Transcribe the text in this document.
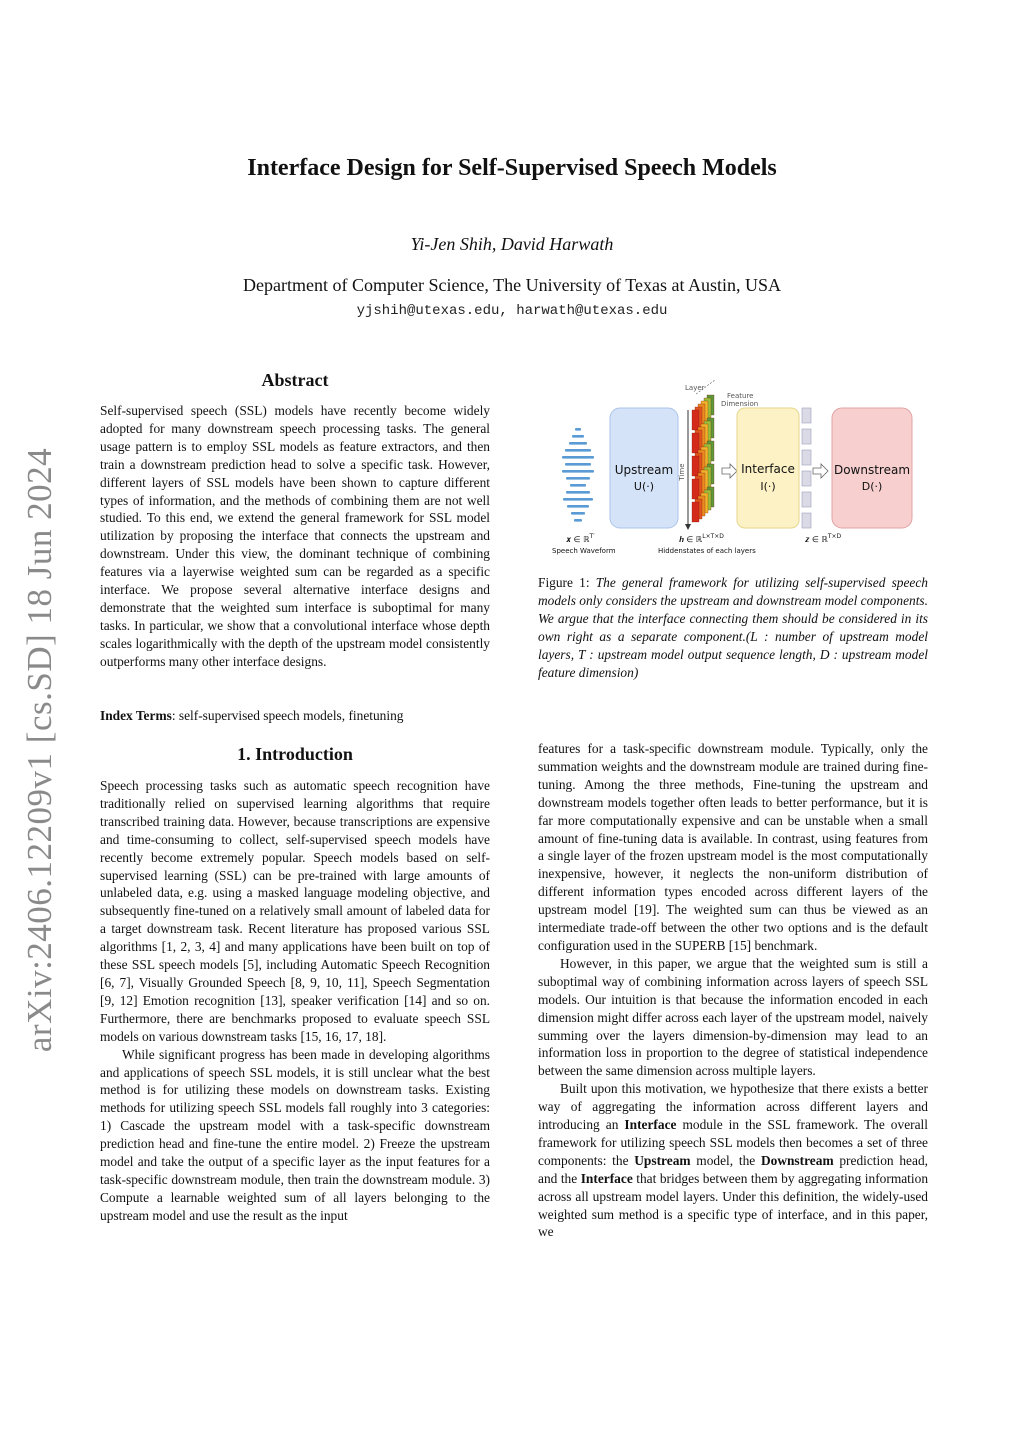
arXiv:2406.12209v1 [cs.SD] 18 Jun 2024
Interface Design for Self-Supervised Speech Models
Yi-Jen Shih, David Harwath
Department of Computer Science, The University of Texas at Austin, USA
yjshih@utexas.edu, harwath@utexas.edu
Abstract

Self-supervised speech (SSL) models have recently become widely adopted for many downstream speech processing tasks. The general usage pattern is to employ SSL models as feature extractors, and then train a downstream prediction head to solve a specific task. However, different layers of SSL models have been shown to capture different types of information, and the methods of combining them are not well studied. To this end, we extend the general framework for SSL model utilization by proposing the interface that connects the upstream and downstream. Under this view, the dominant technique of combining features via a layerwise weighted sum can be regarded as a specific interface. We propose several alternative interface designs and demonstrate that the weighted sum interface is suboptimal for many tasks. In particular, we show that a convolutional interface whose depth scales logarithmically with the depth of the upstream model consistently outperforms many other interface designs.

Index Terms: self-supervised speech models, finetuning
1. Introduction

Speech processing tasks such as automatic speech recognition have traditionally relied on supervised learning algorithms that require transcribed training data. However, because transcriptions are expensive and time-consuming to collect, self-supervised speech models have recently become extremely popular. Speech models based on self-supervised learning (SSL) can be pre-trained with large amounts of unlabeled data, e.g. using a masked language modeling objective, and subsequently fine-tuned on a relatively small amount of labeled data for a target downstream task. Recent literature has proposed various SSL algorithms [1, 2, 3, 4] and many applications have been built on top of these SSL speech models [5], including Automatic Speech Recognition [6, 7], Visually Grounded Speech [8, 9, 10, 11], Speech Segmentation [9, 12] Emotion recognition [13], speaker verification [14] and so on. Furthermore, there are benchmarks proposed to evaluate speech SSL models on various downstream tasks [15, 16, 17, 18].

While significant progress has been made in developing algorithms and applications of speech SSL models, it is still unclear what the best method is for utilizing these models on downstream tasks. Existing methods for utilizing speech SSL models fall roughly into 3 categories: 1) Cascade the upstream model with a task-specific downstream prediction head and fine-tune the entire model. 2) Freeze the upstream model and take the output of a specific layer as the input features for a task-specific downstream module, then train the downstream module. 3) Compute a learnable weighted sum of all layers belonging to the upstream model and use the result as the input

features for a task-specific downstream module. Typically, only the summation weights and the downstream module are trained during fine-tuning. Among the three methods, Fine-tuning the upstream and downstream models together often leads to better performance, but it is far more computationally expensive and can be unstable when a small amount of fine-tuning data is available. In contrast, using features from a single layer of the frozen upstream model is the most computationally inexpensive, however, it neglects the non-uniform distribution of different information types encoded across different layers of the upstream model [19]. The weighted sum can thus be viewed as an intermediate trade-off between the other two options and is the default configuration used in the SUPERB [15] benchmark.

However, in this paper, we argue that the weighted sum is still a suboptimal way of combining information across layers of speech SSL models. Our intuition is that because the information encoded in each dimension might differ across each layer of the upstream model, naively summing over the layers dimension-by-dimension may lead to an information loss in proportion to the degree of statistical independence between the same dimension across multiple layers.

Built upon this motivation, we hypothesize that there exists a better way of aggregating the information across different layers and introducing an Interface module in the SSL framework. The overall framework for utilizing speech SSL models then becomes a set of three components: the Upstream model, the Downstream prediction head, and the Interface that bridges between them by aggregating information across all upstream model layers. Under this definition, the widely-used weighted sum method is a specific type of interface, and in this paper, we

Upstream
U(·)
Layer
Feature
Dimension
Time	Interface
I(·)
Downstream
D(·)
𝒙 ∈ ℝ$^{T'}$
Speech Waveform
𝒉 ∈ ℝ$^{L\times T\times D}$
Hiddenstates of each layers
𝒛 ∈ ℝ$^{T\times D}$
Figure 1: The general framework for utilizing self-supervised speech models only considers the upstream and downstream model components. We argue that the interface connecting them should be considered in its own right as a separate component.(L : number of upstream model layers, T : upstream model output sequence length, D : upstream model feature dimension)
